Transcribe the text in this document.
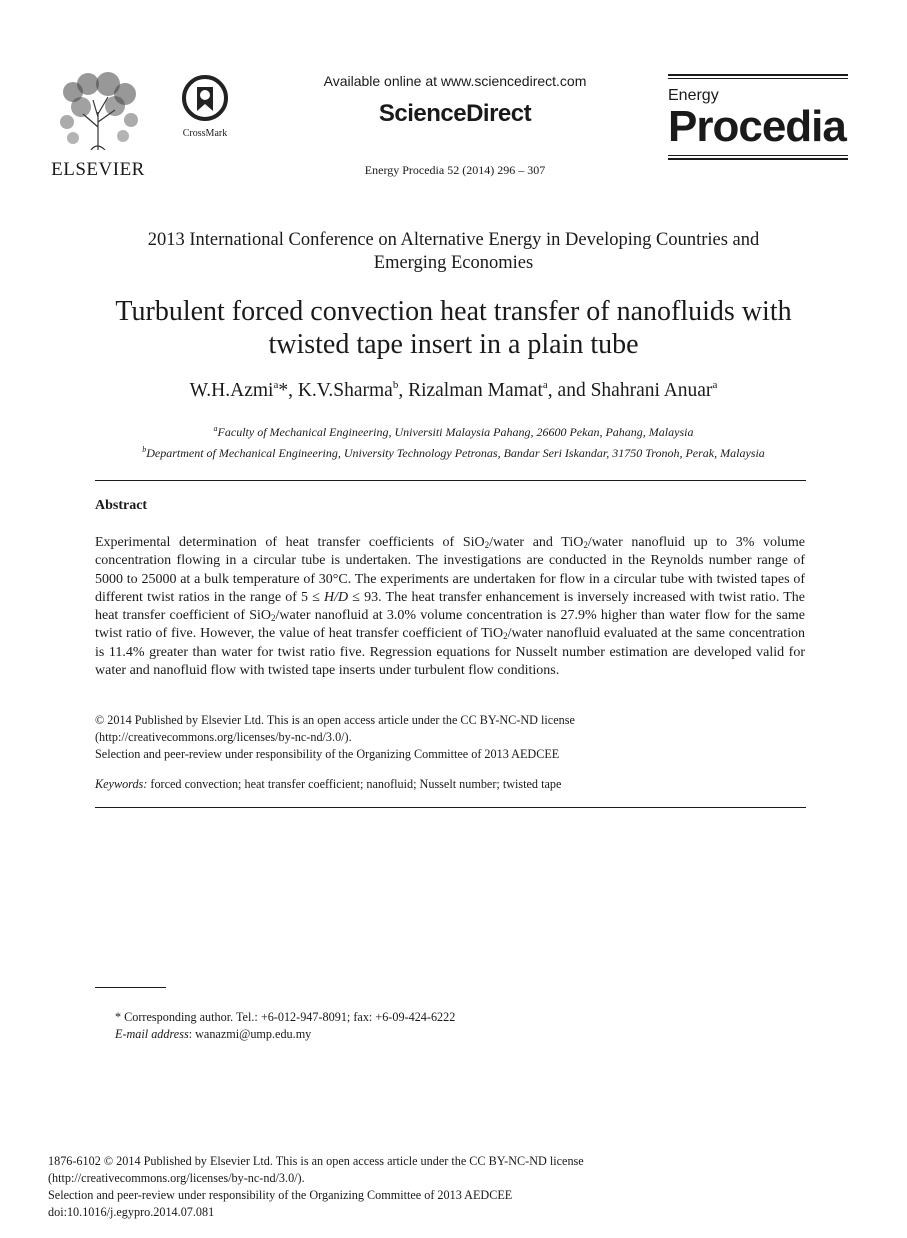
ELSEVIER
CrossMark
Available online at www.sciencedirect.com
ScienceDirect
Energy Procedia 52 (2014) 296 – 307
Energy
Procedia
2013 International Conference on Alternative Energy in Developing Countries and
Emerging Economies
Turbulent forced convection heat transfer of nanofluids with
twisted tape insert in a plain tube
W.H.Azmi$^a$*, K.V.Sharma$^b$, Rizalman Mamat$^a$, and Shahrani Anuar$^a$
$^a$Faculty of Mechanical Engineering, Universiti Malaysia Pahang, 26600 Pekan, Pahang, Malaysia
$^b$Department of Mechanical Engineering, University Technology Petronas, Bandar Seri Iskandar, 31750 Tronoh, Perak, Malaysia
Abstract
Experimental determination of heat transfer coefficients of SiO$_2$/water and TiO$_2$/water nanofluid up to 3% volume concentration flowing in a circular tube is undertaken. The investigations are conducted in the Reynolds number range of 5000 to 25000 at a bulk temperature of 30°C. The experiments are undertaken for flow in a circular tube with twisted tapes of different twist ratios in the range of 5 ≤ H/D ≤ 93. The heat transfer enhancement is inversely increased with twist ratio. The heat transfer coefficient of SiO$_2$/water nanofluid at 3.0% volume concentration is 27.9% higher than water flow for the same twist ratio of five. However, the value of heat transfer coefficient of TiO$_2$/water nanofluid evaluated at the same concentration is 11.4% greater than water for twist ratio five. Regression equations for Nusselt number estimation are developed valid for water and nanofluid flow with twisted tape inserts under turbulent flow conditions.
© 2014 Published by Elsevier Ltd. This is an open access article under the CC BY-NC-ND license
(http://creativecommons.org/licenses/by-nc-nd/3.0/).
Selection and peer-review under responsibility of the Organizing Committee of 2013 AEDCEE
Keywords: forced convection; heat transfer coefficient; nanofluid; Nusselt number; twisted tape
* Corresponding author. Tel.: +6-012-947-8091; fax: +6-09-424-6222
E-mail address: wanazmi@ump.edu.my
1876-6102 © 2014 Published by Elsevier Ltd. This is an open access article under the CC BY-NC-ND license
(http://creativecommons.org/licenses/by-nc-nd/3.0/).
Selection and peer-review under responsibility of the Organizing Committee of 2013 AEDCEE
doi:10.1016/j.egypro.2014.07.081
